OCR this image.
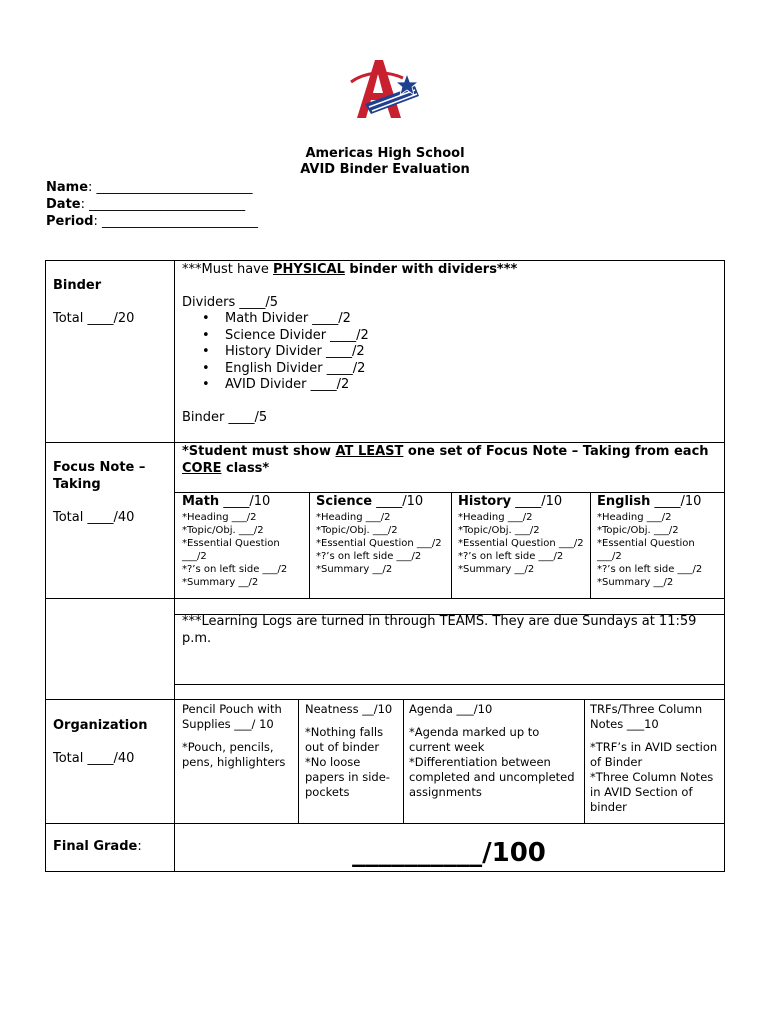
Americas High School
AVID Binder Evaluation
Name: ________________________
Date: ________________________
Period: ________________________
Binder
Total ____/20
***Must have PHYSICAL binder with dividers***
Dividers ____/5
• Math Divider ____/2
• Science Divider ____/2
• History Divider ____/2
• English Divider ____/2
• AVID Divider ____/2
Binder ____/5
Focus Note – Taking
Total ____/40
*Student must show AT LEAST one set of Focus Note – Taking from each CORE class*
Math ____/10
*Heading ___/2
*Topic/Obj. ___/2
*Essential Question ___/2
*?’s on left side ___/2
*Summary __/2
Science ____/10
*Heading ___/2
*Topic/Obj. ___/2
*Essential Question ___/2
*?’s on left side ___/2
*Summary __/2
History ____/10
*Heading ___/2
*Topic/Obj. ___/2
*Essential Question ___/2
*?’s on left side ___/2
*Summary __/2
English ____/10
*Heading ___/2
*Topic/Obj. ___/2
*Essential Question ___/2
*?’s on left side ___/2
*Summary __/2
***Learning Logs are turned in through TEAMS. They are due Sundays at 11:59 p.m.
Organization
Total ____/40
Pencil Pouch with Supplies ___/ 10
*Pouch, pencils, pens, highlighters
Neatness __/10
*Nothing falls out of binder
*No loose papers in side-pockets
Agenda ___/10
*Agenda marked up to current week
*Differentiation between completed and uncompleted assignments
TRFs/Three Column Notes ___10
*TRF’s in AVID section of Binder
*Three Column Notes in AVID Section of binder
Final Grade:	__________/100
